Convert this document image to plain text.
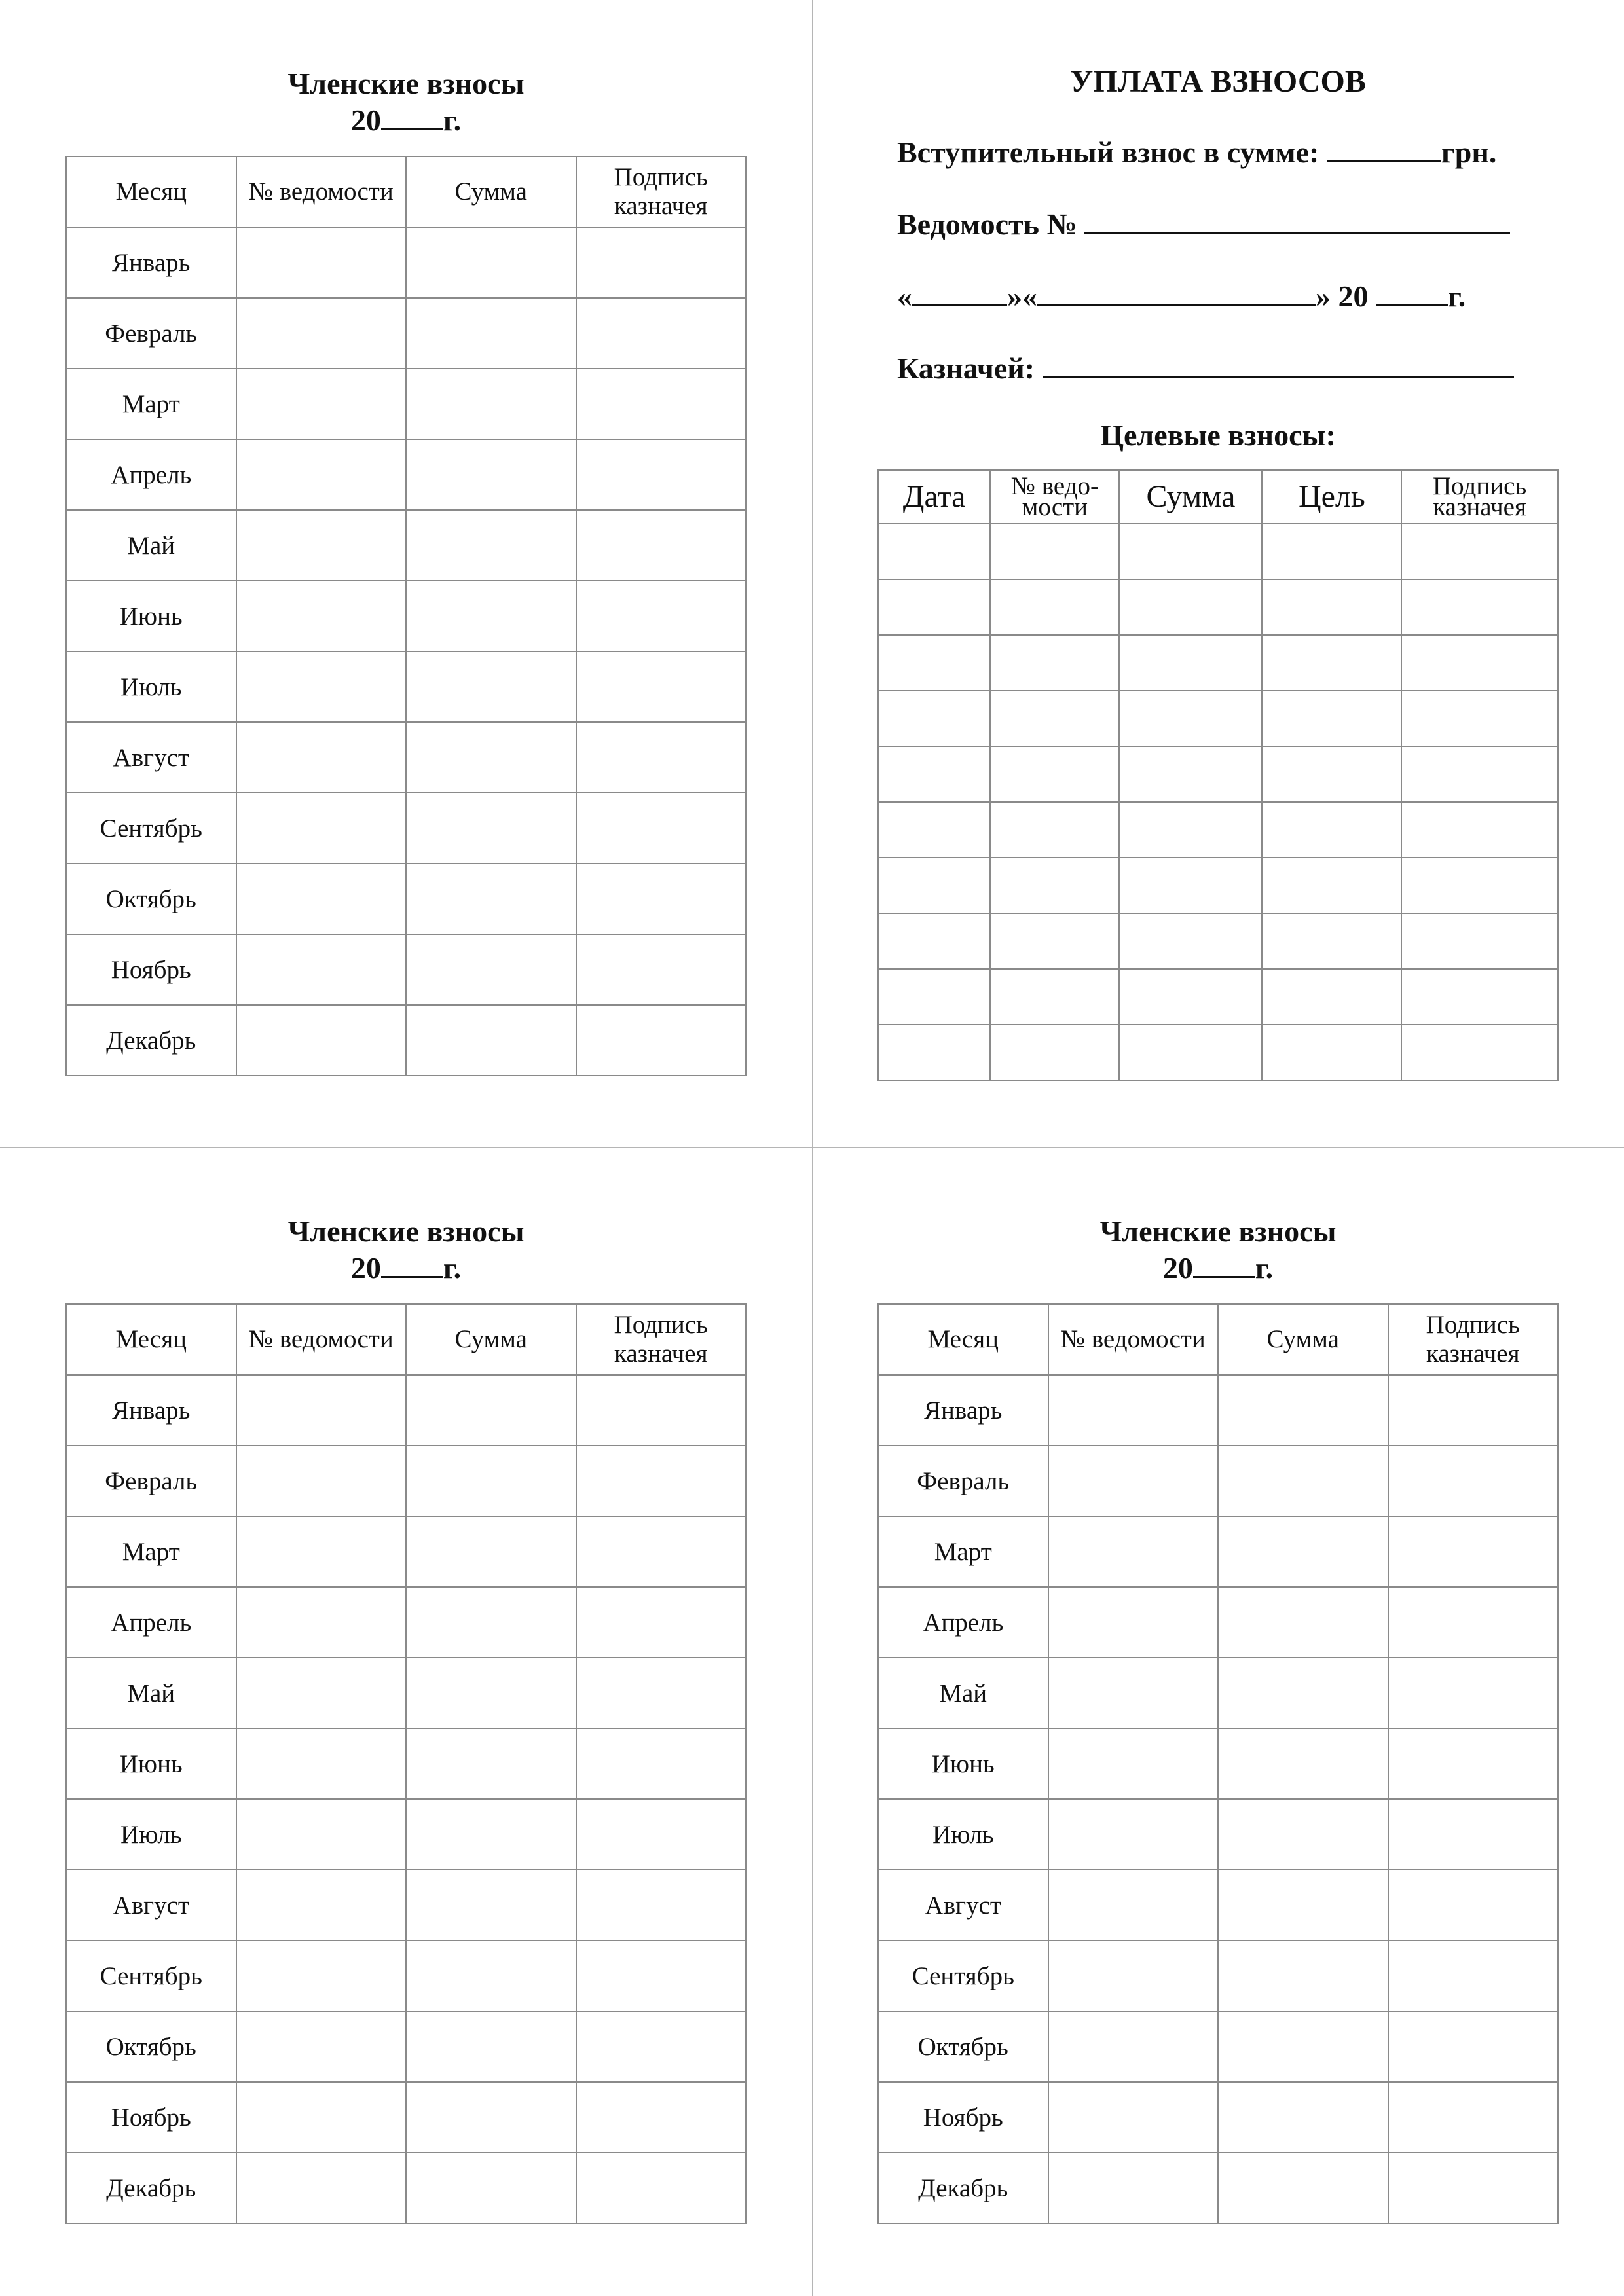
Членские взносы

20 г.

Месяц	№ ведомости	Сумма	Подпись
казначея
Январь			
Февраль			
Март			
Апрель			
Май			
Июнь			
Июль			
Август			
Сентябрь			
Октябрь			
Ноябрь			
Декабрь			
Членские взносы

20 г.

Месяц	№ ведомости	Сумма	Подпись
казначея
Январь			
Февраль			
Март			
Апрель			
Май			
Июнь			
Июль			
Август			
Сентябрь			
Октябрь			
Ноябрь			
Декабрь			
Членские взносы

20 г.

Месяц	№ ведомости	Сумма	Подпись
казначея
Январь			
Февраль			
Март			
Апрель			
Май			
Июнь			
Июль			
Август			
Сентябрь			
Октябрь			
Ноябрь			
Декабрь			
УПЛАТА ВЗНОСОВ

Вступительный взнос в сумме:	грн.

Ведомость №

«	»«	» 20	г.

Казначей:

Целевые взносы:
Дата	№ ведо-
мости	Сумма	Цель	Подпись
казначея
